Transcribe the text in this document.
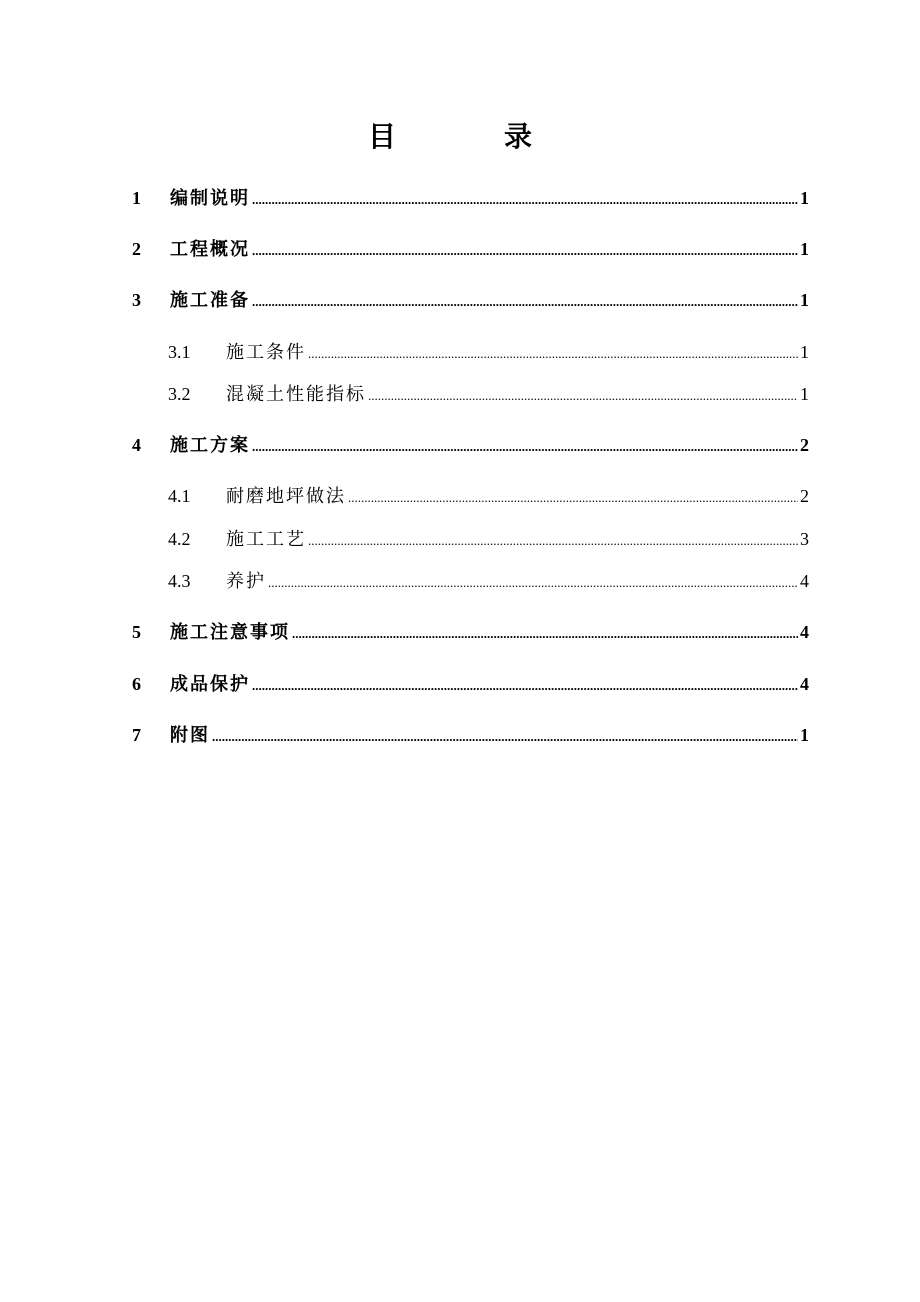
目　录
1	编制说明 .....	1
2	工程概况 .....	1
3	施工准备 .....	1
3.1	施工条件 .....	1
3.2	混凝土性能指标 .....	1
4	施工方案 .....	2
4.1	耐磨地坪做法 .....	2
4.2	施工工艺 .....	3
4.3	养护 .....	4
5	施工注意事项 .....	4
6	成品保护 .....	4
7	附图 .....	1
